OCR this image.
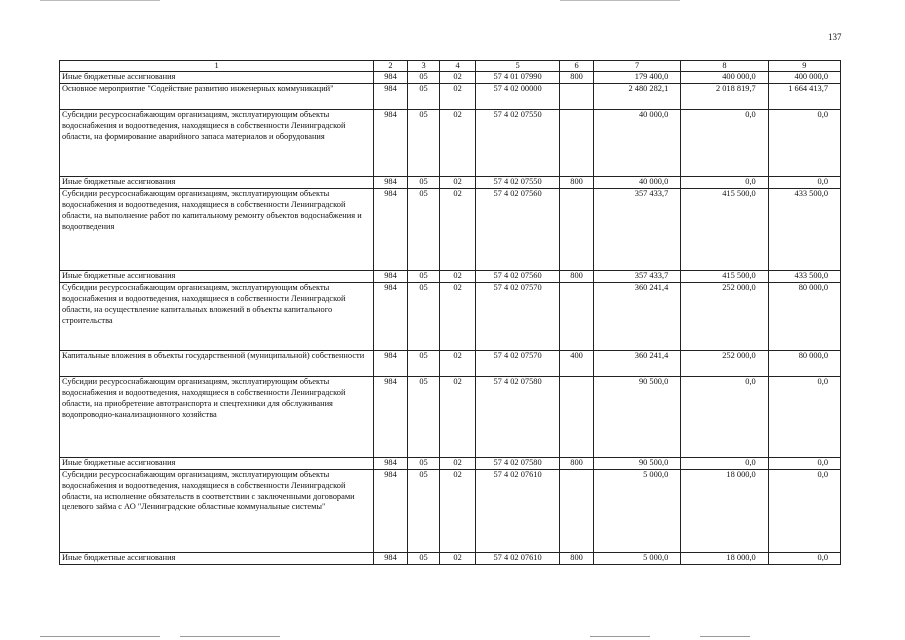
137
1	2	3	4	5	6	7	8	9
Иные бюджетные ассигнования	984	05	02	57 4 01 07990	800	179 400,0	400 000,0	400 000,0
Основное мероприятие "Содействие развитию инженерных коммуникаций"	984	05	02	57 4 02 00000		2 480 282,1	2 018 819,7	1 664 413,7
Субсидии ресурсоснабжающим организациям, эксплуатирующим объекты водоснабжения и водоотведения, находящиеся в собственности Ленинградской области, на формирование аварийного запаса материалов и оборудования	984	05	02	57 4 02 07550		40 000,0	0,0	0,0
Иные бюджетные ассигнования	984	05	02	57 4 02 07550	800	40 000,0	0,0	0,0
Субсидии ресурсоснабжающим организациям, эксплуатирующим объекты водоснабжения и водоотведения, находящиеся в собственности Ленинградской области, на выполнение работ по капитальному ремонту объектов водоснабжения и водоотведения	984	05	02	57 4 02 07560		357 433,7	415 500,0	433 500,0
Иные бюджетные ассигнования	984	05	02	57 4 02 07560	800	357 433,7	415 500,0	433 500,0
Субсидии ресурсоснабжающим организациям, эксплуатирующим объекты водоснабжения и водоотведения, находящиеся в собственности Ленинградской области, на осуществление капитальных вложений в объекты капитального строительства	984	05	02	57 4 02 07570		360 241,4	252 000,0	80 000,0
Капитальные вложения в объекты государственной (муниципальной) собственности	984	05	02	57 4 02 07570	400	360 241,4	252 000,0	80 000,0
Субсидии ресурсоснабжающим организациям, эксплуатирующим объекты водоснабжения и водоотведения, находящиеся в собственности Ленинградской области, на приобретение автотранспорта и спецтехники для обслуживания водопроводно-канализационного хозяйства	984	05	02	57 4 02 07580		90 500,0	0,0	0,0
Иные бюджетные ассигнования	984	05	02	57 4 02 07580	800	90 500,0	0,0	0,0
Субсидии ресурсоснабжающим организациям, эксплуатирующим объекты водоснабжения и водоотведения, находящиеся в собственности Ленинградской области, на исполнение обязательств в соответствии с заключенными договорами целевого займа с АО "Ленинградские областные коммунальные системы"	984	05	02	57 4 02 07610		5 000,0	18 000,0	0,0
Иные бюджетные ассигнования	984	05	02	57 4 02 07610	800	5 000,0	18 000,0	0,0
